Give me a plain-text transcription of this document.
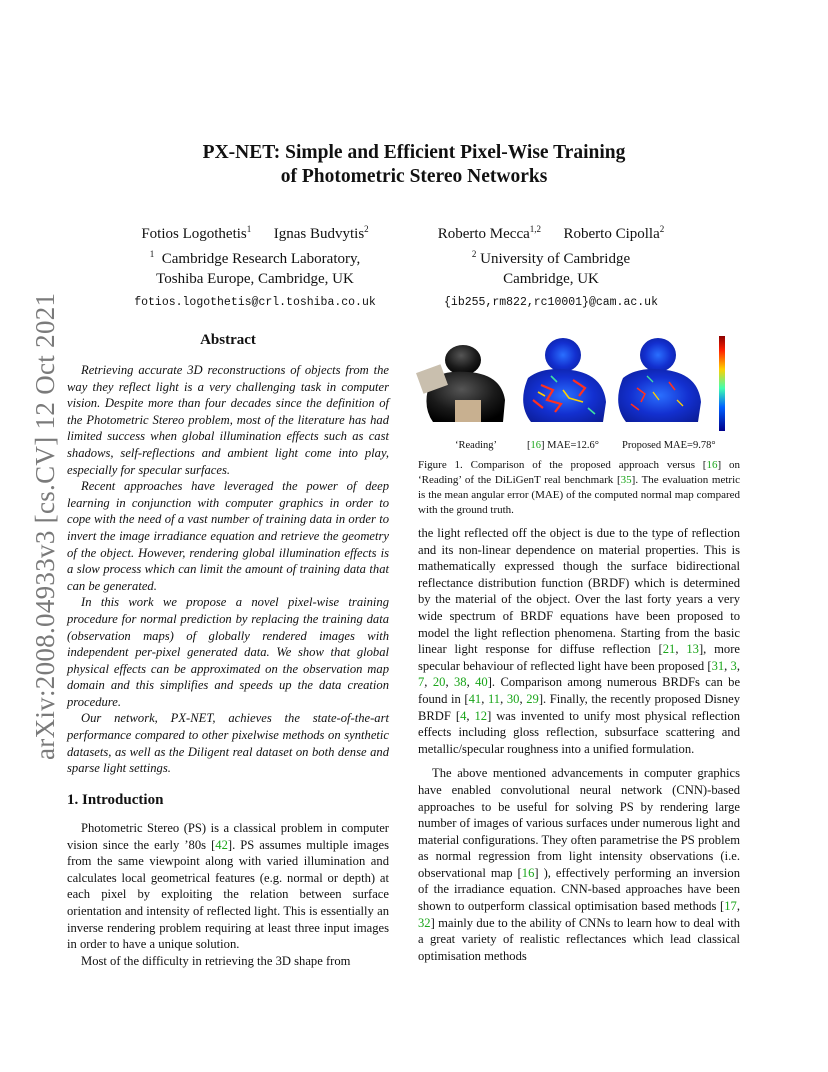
arXiv:2008.04933v3 [cs.CV] 12 Oct 2021
PX-NET: Simple and Efficient Pixel-Wise Training
of Photometric Stereo Networks
Fotios Logothetis$^1$ Ignas Budvytis$^2$
$^1$ Cambridge Research Laboratory,
Toshiba Europe, Cambridge, UK
fotios.logothetis@crl.toshiba.co.uk
Roberto Mecca$^{1,2}$ Roberto Cipolla$^2$
$^2$ University of Cambridge
Cambridge, UK
{ib255,rm822,rc10001}@cam.ac.uk
Abstract

Retrieving accurate 3D reconstructions of objects from the way they reflect light is a very challenging task in computer vision. Despite more than four decades since the definition of the Photometric Stereo problem, most of the literature has had limited success when global illumination effects such as cast shadows, self-reflections and ambient light come into play, especially for specular surfaces.

Recent approaches have leveraged the power of deep learning in conjunction with computer graphics in order to cope with the need of a vast number of training data in order to invert the image irradiance equation and retrieve the geometry of the object. However, rendering global illumination effects is a slow process which can limit the amount of training data that can be generated.

In this work we propose a novel pixel-wise training procedure for normal prediction by replacing the training data (observation maps) of globally rendered images with independent per-pixel generated data. We show that global physical effects can be approximated on the observation map domain and this simplifies and speeds up the data creation procedure.

Our network, PX-NET, achieves the state-of-the-art performance compared to other pixelwise methods on synthetic datasets, as well as the Diligent real dataset on both dense and sparse light settings.

1. Introduction

Photometric Stereo (PS) is a classical problem in computer vision since the early ’80s [42]. PS assumes multiple images from the same viewpoint along with varied illumination and calculates local geometrical features (e.g. normal or depth) at each pixel by exploiting the relation between surface orientation and intensity of reflected light. This is essentially an inverse rendering problem requiring at least three input images in order to have a unique solution.

Most of the difficulty in retrieving the 3D shape from

‘Reading’	[16] MAE=12.6° Proposed MAE=9.78°
Figure 1. Comparison of the proposed approach versus [16] on ‘Reading’ of the DiLiGenT real benchmark [35]. The evaluation metric is the mean angular error (MAE) of the computed normal map compared with the ground truth.

the light reflected off the object is due to the type of reflection and its non-linear dependence on material properties. This is mathematically expressed though the surface bidirectional reflectance distribution function (BRDF) which is determined by the material of the object. Over the last forty years a very wide spectrum of BRDF equations have been proposed to model the light reflection phenomena. Starting from the basic linear light response for diffuse reflection [21, 13], more specular behaviour of reflected light have been proposed [31, 3, 7, 20, 38, 40]. Comparison among numerous BRDFs can be found in [41, 11, 30, 29]. Finally, the recently proposed Disney BRDF [4, 12] was invented to unify most physical reflection effects including gloss reflection, subsurface scattering and metallic/specular roughness into a unified formulation.

The above mentioned advancements in computer graphics have enabled convolutional neural network (CNN)-based approaches to be useful for solving PS by rendering large number of images of various surfaces under numerous light and material configurations. They often parametrise the PS problem as normal regression from light intensity observations (i.e. observational map [16] ), effectively performing an inversion of the irradiance equation. CNN-based approaches have been shown to outperform classical optimisation based methods [17, 32] mainly due to the ability of CNNs to learn how to deal with a great variety of realistic reflectances which lead classical optimisation methods
